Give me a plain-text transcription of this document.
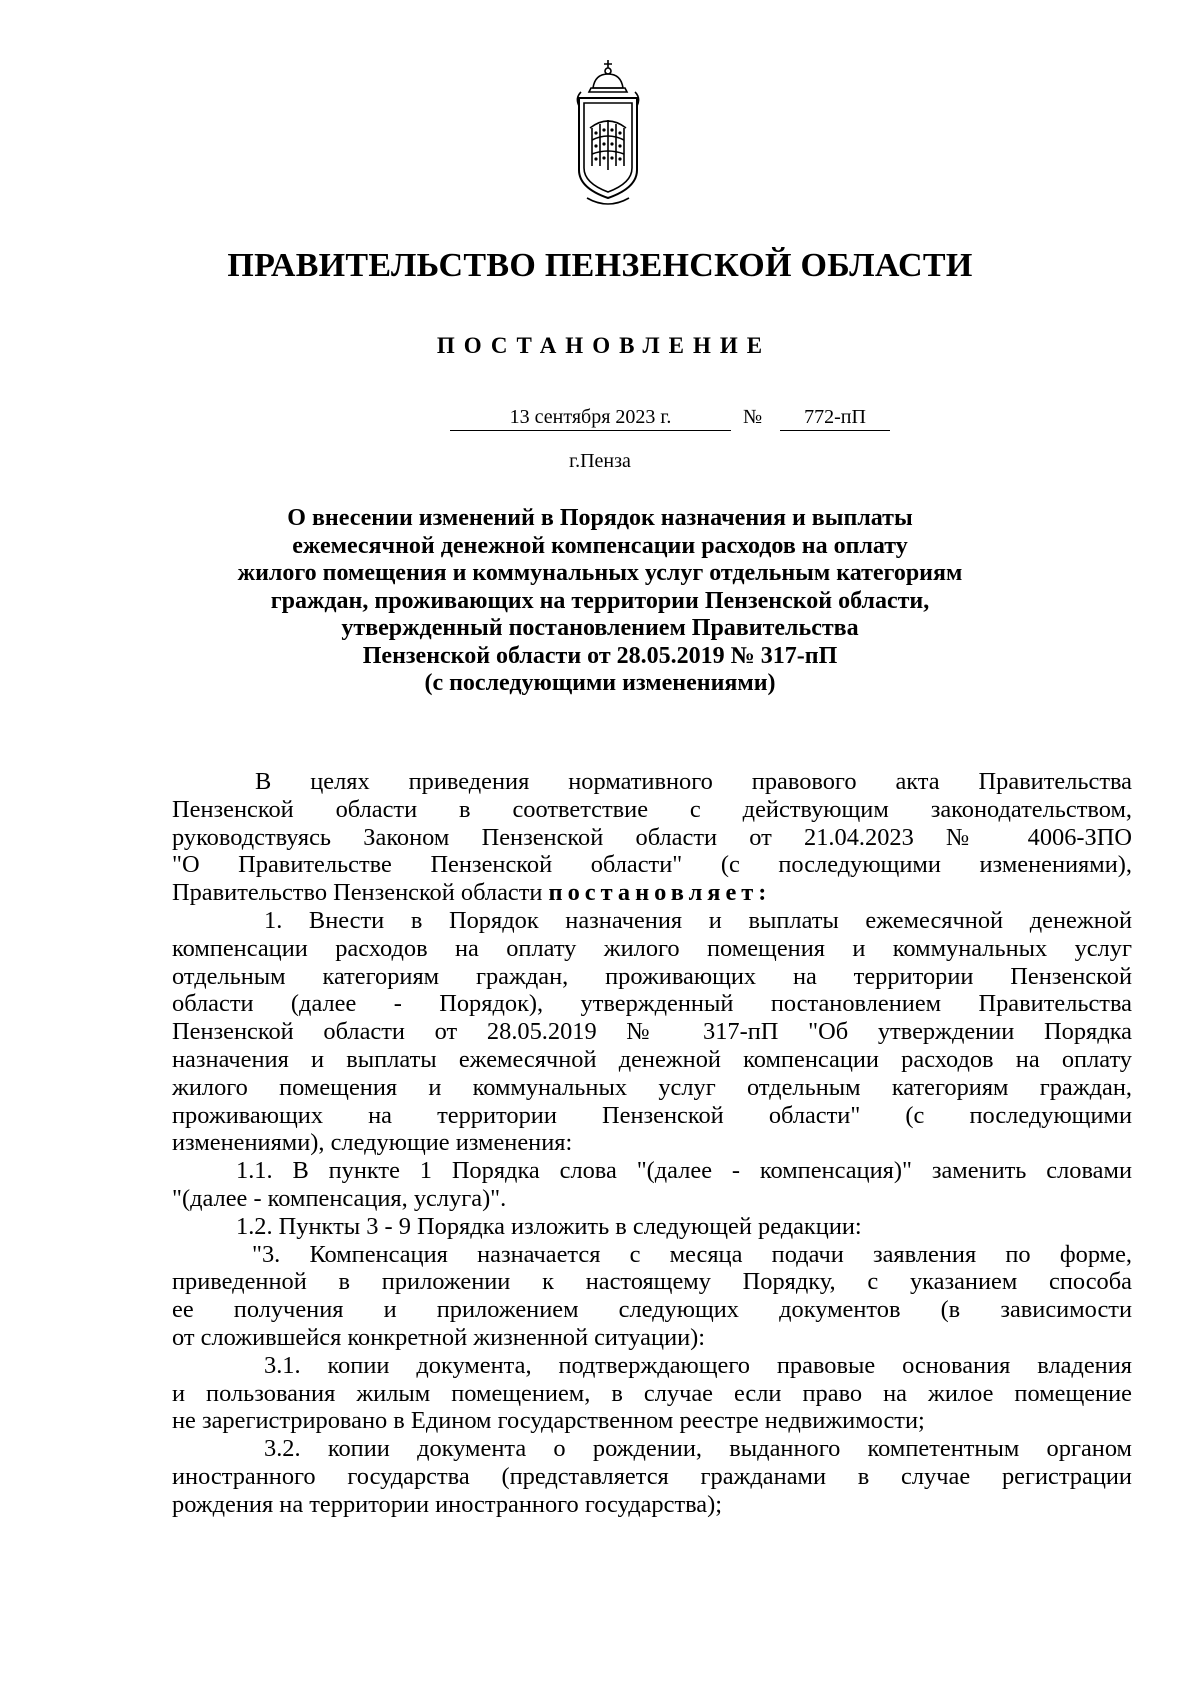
ПРАВИТЕЛЬСТВО ПЕНЗЕНСКОЙ ОБЛАСТИ
ПОСТАНОВЛЕНИЕ
13 сентября 2023 г.	№	772-пП
г.Пенза
О внесении изменений в Порядок назначения и выплаты
ежемесячной денежной компенсации расходов на оплату
жилого помещения и коммунальных услуг отдельным категориям
граждан, проживающих на территории Пензенской области,
утвержденный постановлением Правительства
Пензенской области от 28.05.2019 № 317-пП
(с последующими изменениями)
В целях приведения нормативного правового акта Правительства
Пензенской области в соответствие с действующим законодательством,
руководствуясь Законом Пензенской области от 21.04.2023 № 4006-ЗПО
"О Правительстве Пензенской области" (с последующими изменениями),
Правительство Пензенской области постановляет:
1. Внести в Порядок назначения и выплаты ежемесячной денежной
компенсации расходов на оплату жилого помещения и коммунальных услуг
отдельным категориям граждан, проживающих на территории Пензенской
области (далее - Порядок), утвержденный постановлением Правительства
Пензенской области от 28.05.2019 № 317-пП "Об утверждении Порядка
назначения и выплаты ежемесячной денежной компенсации расходов на оплату
жилого помещения и коммунальных услуг отдельным категориям граждан,
проживающих на территории Пензенской области" (с последующими
изменениями), следующие изменения:
1.1. В пункте 1 Порядка слова "(далее - компенсация)" заменить словами
"(далее - компенсация, услуга)".
1.2. Пункты 3 - 9 Порядка изложить в следующей редакции:
"3. Компенсация назначается с месяца подачи заявления по форме,
приведенной в приложении к настоящему Порядку, с указанием способа
ее получения и приложением следующих документов (в зависимости
от сложившейся конкретной жизненной ситуации):
3.1. копии документа, подтверждающего правовые основания владения
и пользования жилым помещением, в случае если право на жилое помещение
не зарегистрировано в Едином государственном реестре недвижимости;
3.2. копии документа о рождении, выданного компетентным органом
иностранного государства (представляется гражданами в случае регистрации
рождения на территории иностранного государства);
